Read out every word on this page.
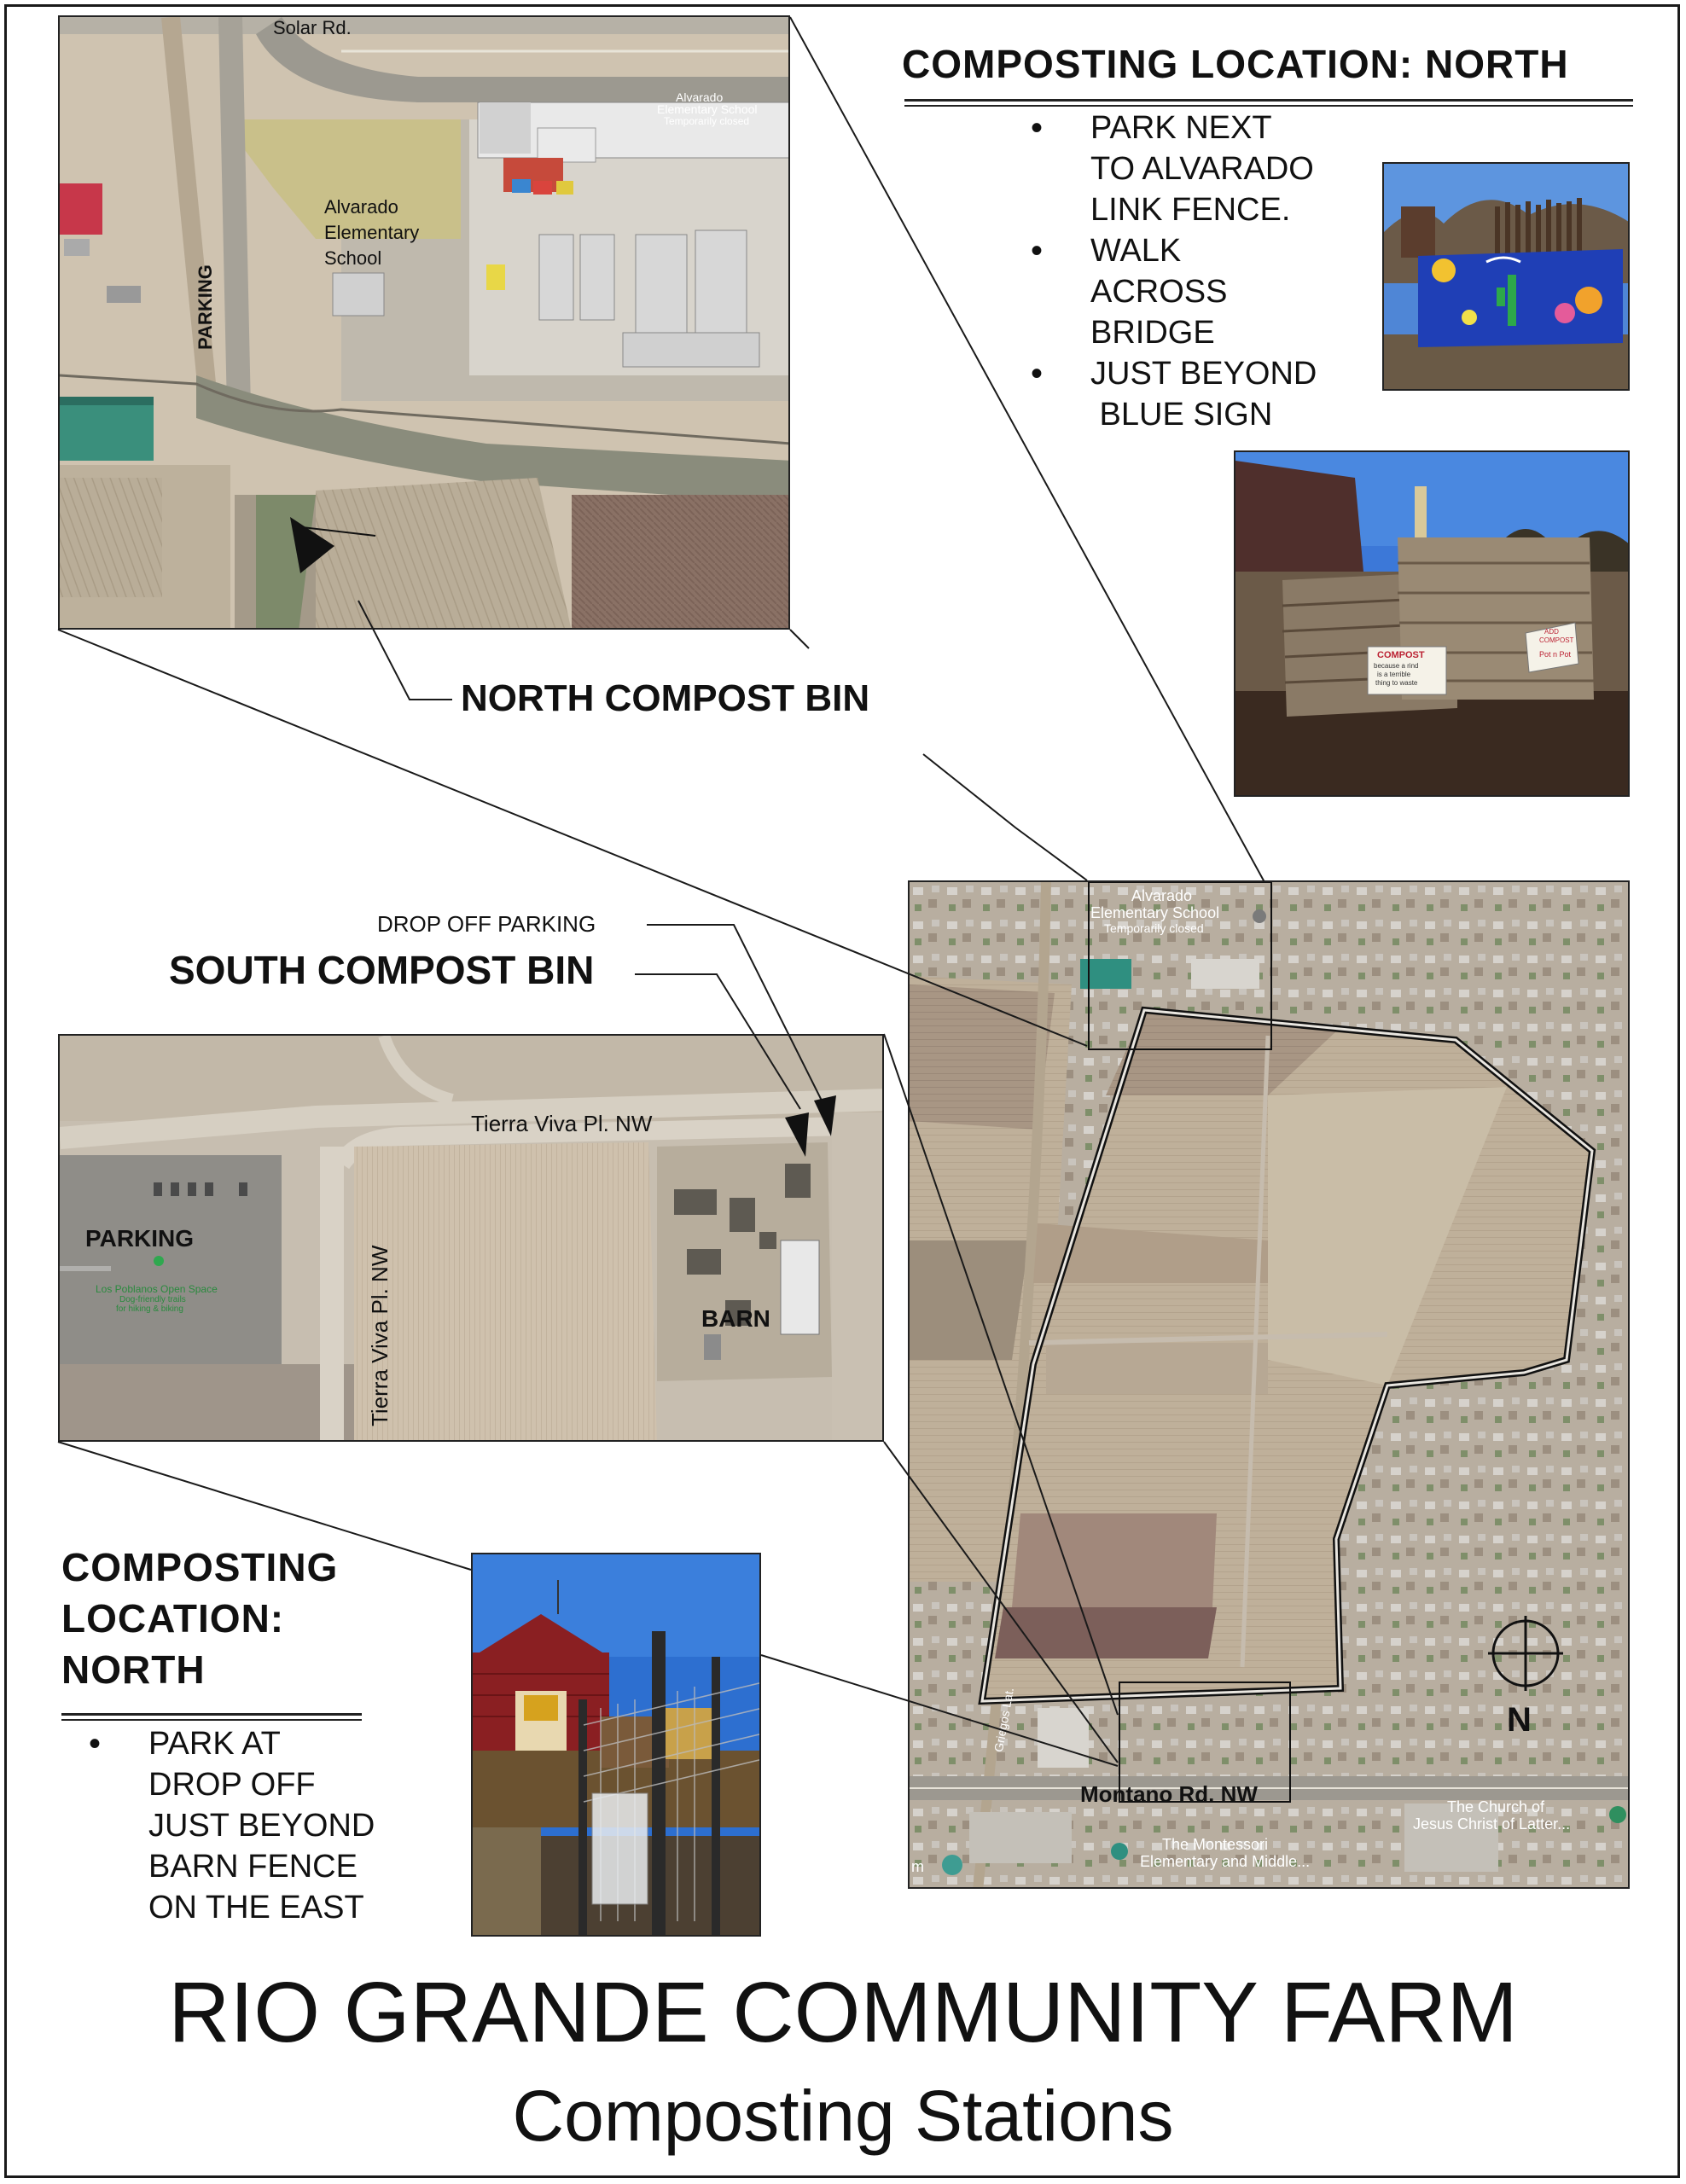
Solar Rd.
Alvarado
Elementary School
Temporarily closed
Alvarado
Elementary
School
PARKING
COMPOSTING LOCATION: NORTH
• PARK NEXT
TO ALVARADO
LINK FENCE.
• WALK
ACROSS
BRIDGE
• JUST BEYOND
BLUE SIGN
COMPOST
because a rind
is a terrible
thing to waste
ADD
COMPOST
Pot n Pot
NORTH COMPOST BIN
DROP OFF PARKING
SOUTH COMPOST BIN
Tierra Viva Pl. NW
Tierra Viva Pl. NW
PARKING
Los Poblanos Open Space
Dog-friendly trails
for hiking & biking	BARN
Alvarado
Elementary School
Temporarily closed
Griegos Lat.	N
Montano Rd. NW	The Church of
Jesus Christ of Latter...
The Montessori
Elementary and Middle...
m
COMPOSTING
LOCATION:
NORTH
• PARK AT
DROP OFF
JUST BEYOND
BARN FENCE
ON THE EAST
RIO GRANDE COMMUNITY FARM
Composting Stations
